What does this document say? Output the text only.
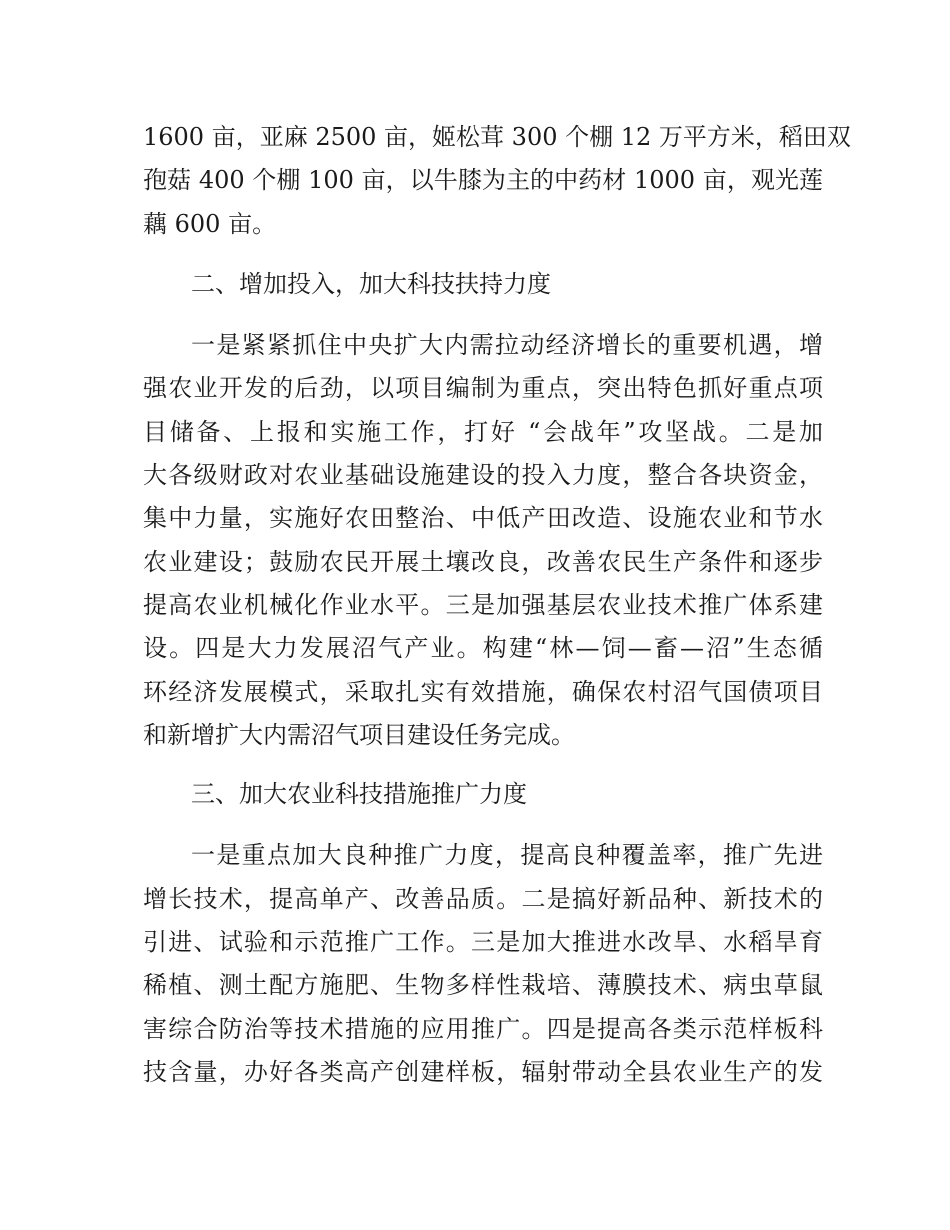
1600 亩，亚麻 2500 亩，姬松茸 300 个棚 12 万平方米，稻田双
孢菇 400 个棚 100 亩，以牛膝为主的中药材 1000 亩，观光莲
藕 600 亩。
二、增加投入，加大科技扶持力度
一是紧紧抓住中央扩大内需拉动经济增长的重要机遇，增
强农业开发的后劲，以项目编制为重点，突出特色抓好重点项
目储备、上报和实施工作，打好 “会战年”攻坚战。二是加
大各级财政对农业基础设施建设的投入力度，整合各块资金，
集中力量，实施好农田整治、中低产田改造、设施农业和节水
农业建设；鼓励农民开展土壤改良，改善农民生产条件和逐步
提高农业机械化作业水平。三是加强基层农业技术推广体系建
设。四是大力发展沼气产业。构建“林—饲—畜—沼”生态循
环经济发展模式，采取扎实有效措施，确保农村沼气国债项目
和新增扩大内需沼气项目建设任务完成。
三、加大农业科技措施推广力度
一是重点加大良种推广力度，提高良种覆盖率，推广先进
增长技术，提高单产、改善品质。二是搞好新品种、新技术的
引进、试验和示范推广工作。三是加大推进水改旱、水稻旱育
稀植、测土配方施肥、生物多样性栽培、薄膜技术、病虫草鼠
害综合防治等技术措施的应用推广。四是提高各类示范样板科
技含量，办好各类高产创建样板，辐射带动全县农业生产的发
